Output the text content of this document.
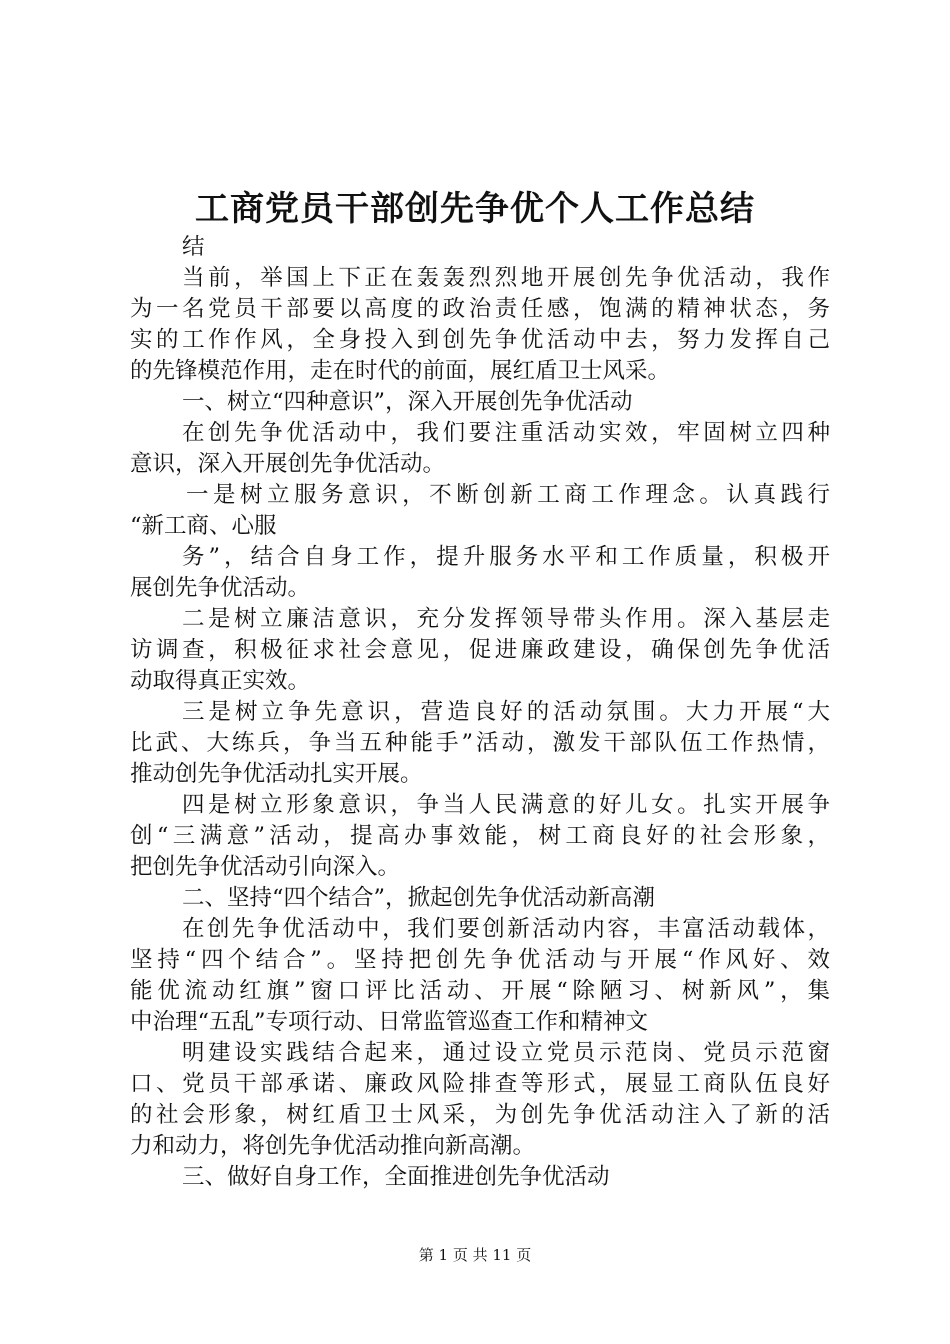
工商党员干部创先争优个人工作总结
结
当前，举国上下正在轰轰烈烈地开展创先争优活动，我作
为一名党员干部要以高度的政治责任感，饱满的精神状态，务
实的工作作风，全身投入到创先争优活动中去，努力发挥自己
的先锋模范作用，走在时代的前面，展红盾卫士风采。
一、树立“四种意识”，深入开展创先争优活动
在创先争优活动中，我们要注重活动实效，牢固树立四种
意识，深入开展创先争优活动。
一是树立服务意识，不断创新工商工作理念。认真践行
“新工商、心服
务”，结合自身工作，提升服务水平和工作质量，积极开
展创先争优活动。
二是树立廉洁意识，充分发挥领导带头作用。深入基层走
访调查，积极征求社会意见，促进廉政建设，确保创先争优活
动取得真正实效。
三是树立争先意识，营造良好的活动氛围。大力开展“大
比武、大练兵，争当五种能手”活动，激发干部队伍工作热情，
推动创先争优活动扎实开展。
四是树立形象意识，争当人民满意的好儿女。扎实开展争
创“三满意”活动，提高办事效能，树工商良好的社会形象，
把创先争优活动引向深入。
二、坚持“四个结合”，掀起创先争优活动新高潮
在创先争优活动中，我们要创新活动内容，丰富活动载体，
坚持“四个结合”。坚持把创先争优活动与开展“作风好、效
能优流动红旗”窗口评比活动、开展“除陋习、树新风”，集
中治理“五乱”专项行动、日常监管巡查工作和精神文
明建设实践结合起来，通过设立党员示范岗、党员示范窗
口、党员干部承诺、廉政风险排查等形式，展显工商队伍良好
的社会形象，树红盾卫士风采，为创先争优活动注入了新的活
力和动力，将创先争优活动推向新高潮。
三、做好自身工作，全面推进创先争优活动
第 1 页 共 11 页
